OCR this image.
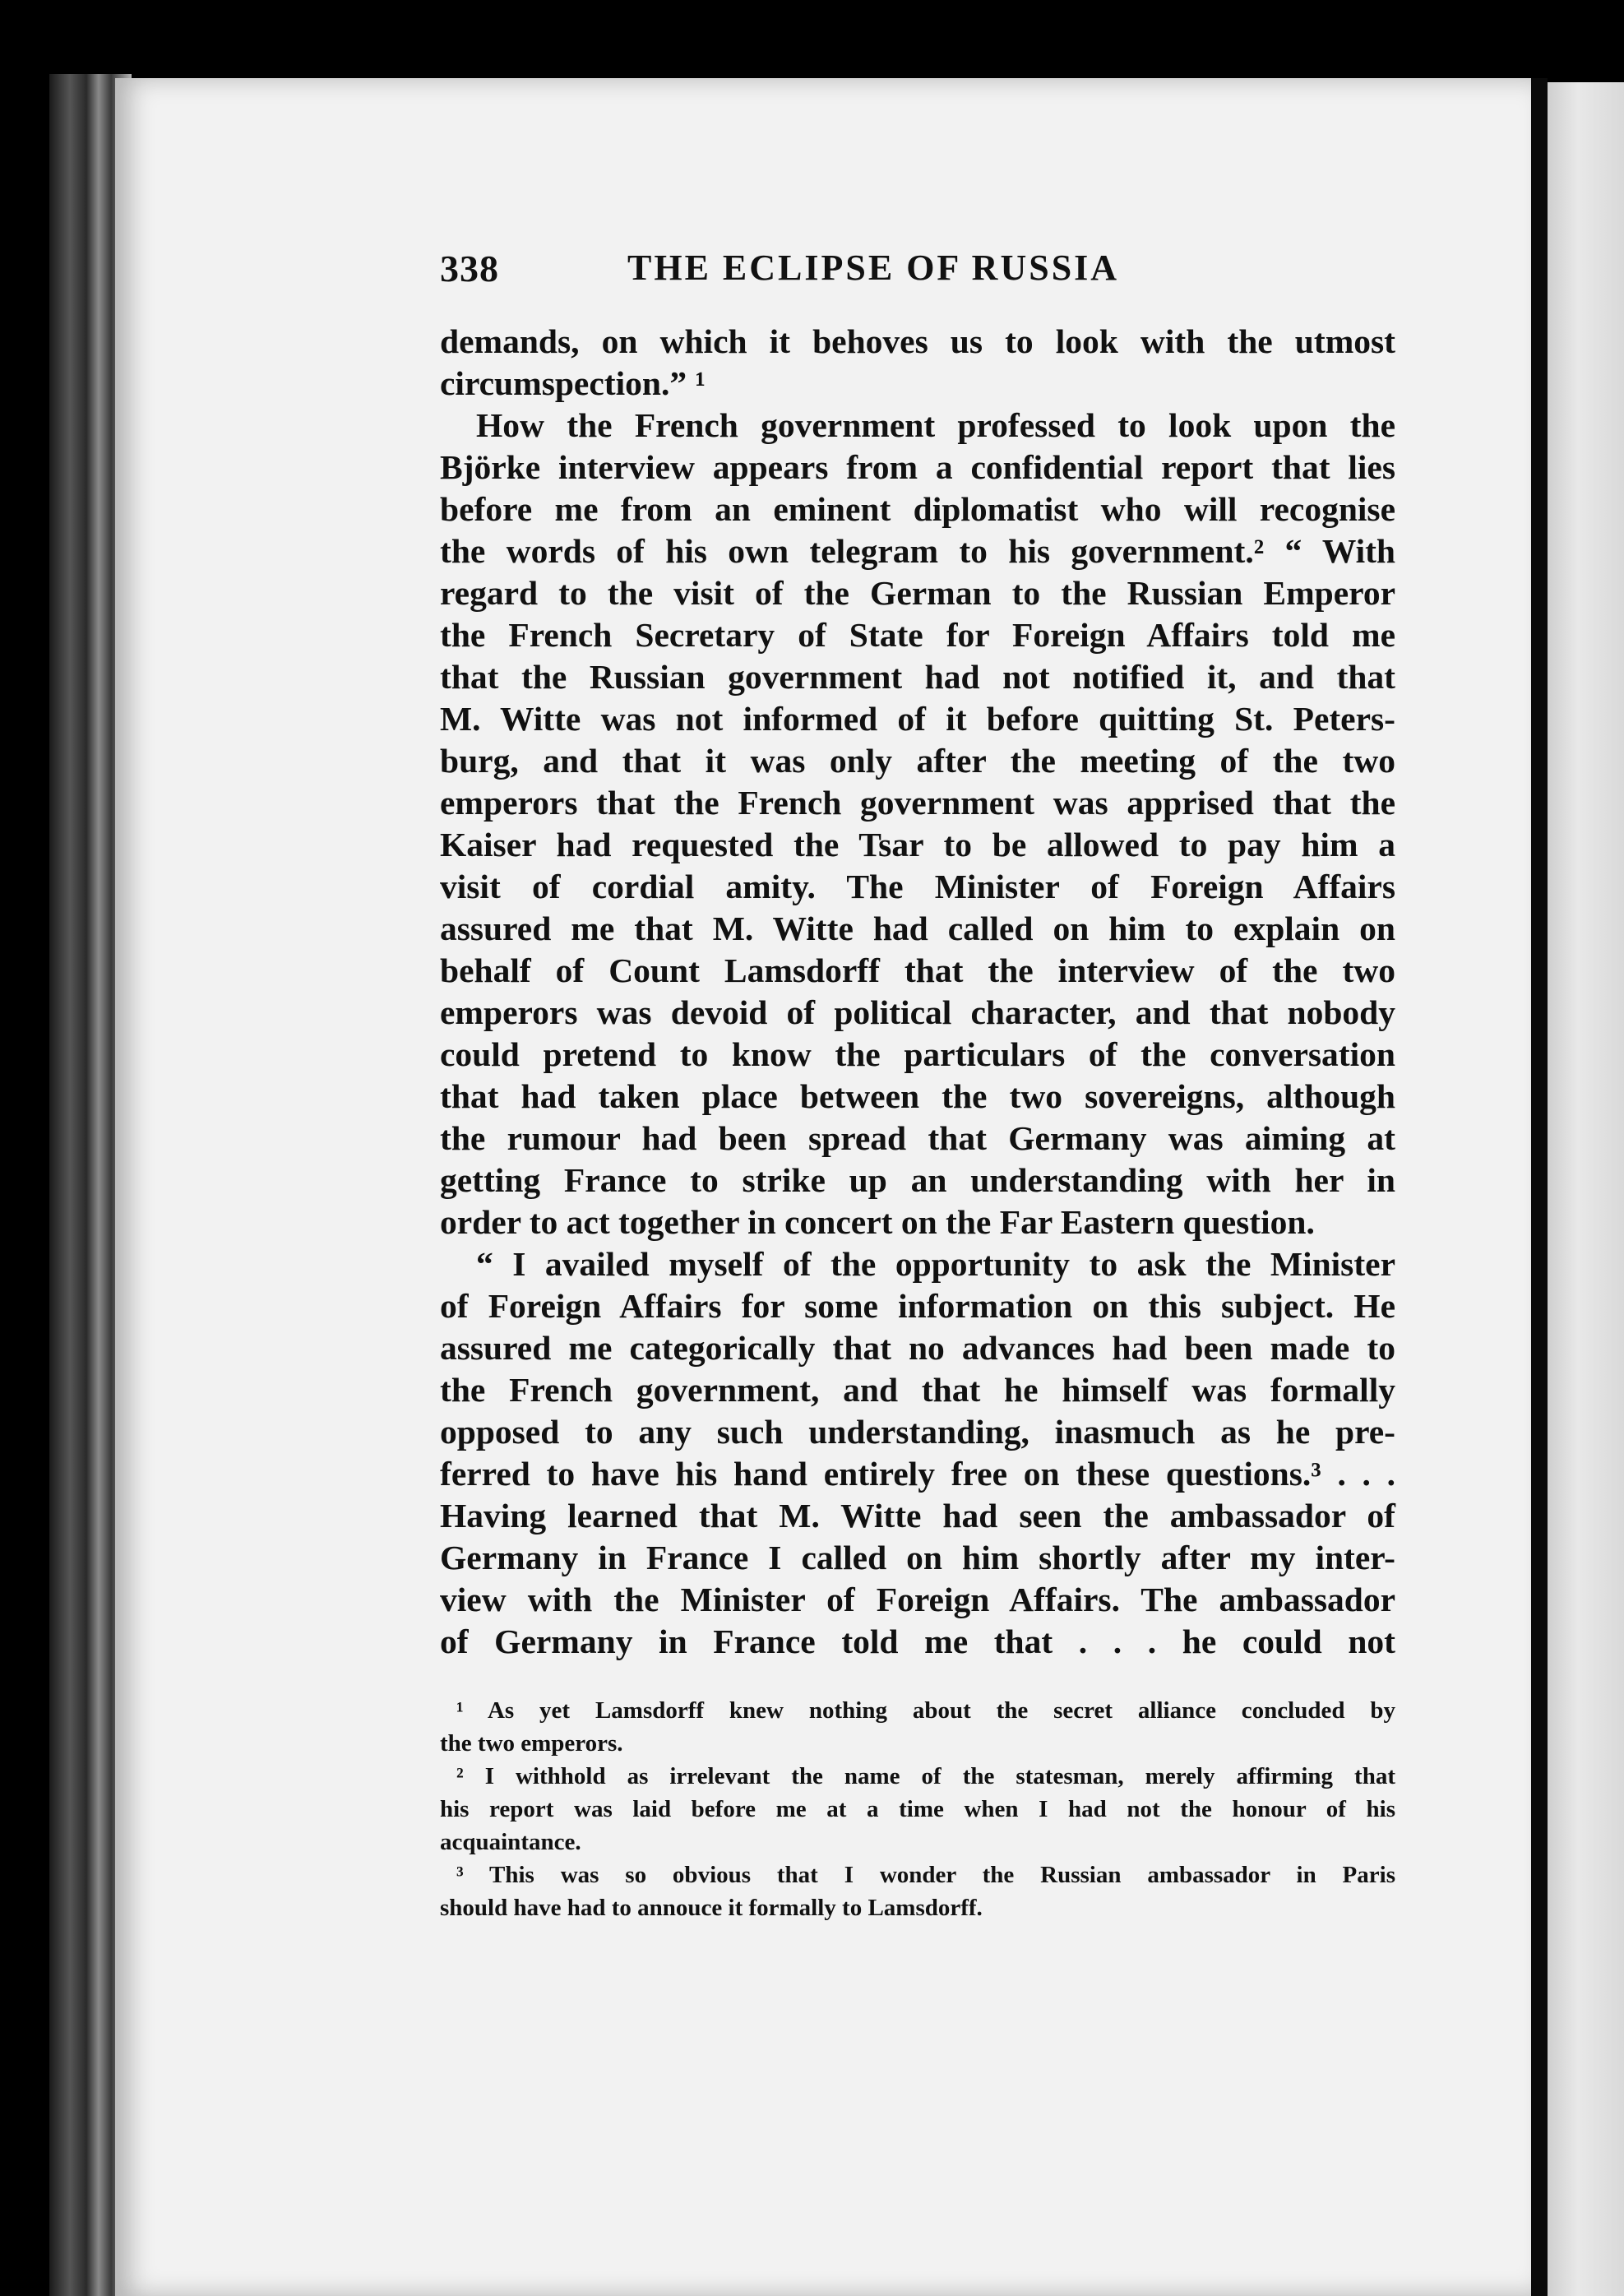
338	THE ECLIPSE OF RUSSIA

demands, on which it behoves us to look with the utmost
circumspection.” ¹

How the French government professed to look upon the
Björke interview appears from a confidential report that lies
before me from an eminent diplomatist who will recognise
the words of his own telegram to his government.² “ With
regard to the visit of the German to the Russian Emperor
the French Secretary of State for Foreign Affairs told me
that the Russian government had not notified it, and that
M. Witte was not informed of it before quitting St. Peters-
burg, and that it was only after the meeting of the two
emperors that the French government was apprised that the
Kaiser had requested the Tsar to be allowed to pay him a
visit of cordial amity. The Minister of Foreign Affairs
assured me that M. Witte had called on him to explain on
behalf of Count Lamsdorff that the interview of the two
emperors was devoid of political character, and that nobody
could pretend to know the particulars of the conversation
that had taken place between the two sovereigns, although
the rumour had been spread that Germany was aiming at
getting France to strike up an understanding with her in
order to act together in concert on the Far Eastern question.

“ I availed myself of the opportunity to ask the Minister
of Foreign Affairs for some information on this subject. He
assured me categorically that no advances had been made to
the French government, and that he himself was formally
opposed to any such understanding, inasmuch as he pre-
ferred to have his hand entirely free on these questions.³ . . .
Having learned that M. Witte had seen the ambassador of
Germany in France I called on him shortly after my inter-
view with the Minister of Foreign Affairs. The ambassador
of Germany in France told me that . . . he could not

¹ As yet Lamsdorff knew nothing about the secret alliance concluded by
the two emperors.
² I withhold as irrelevant the name of the statesman, merely affirming that
his report was laid before me at a time when I had not the honour of his
acquaintance.
³ This was so obvious that I wonder the Russian ambassador in Paris
should have had to annouce it formally to Lamsdorff.
